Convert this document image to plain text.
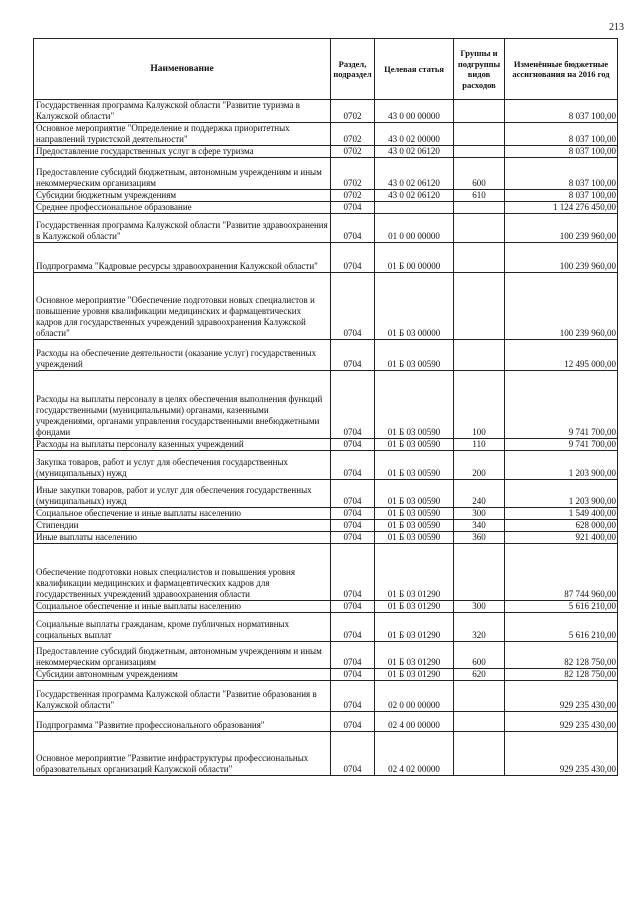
213
Наименование	Раздел, подраздел	Целевая статья	Группы и подгруппы видов расходов	Изменённые бюджетные ассигнования на 2016 год
Государственная программа Калужской области "Развитие туризма в Калужской области"	0702	43 0 00 00000		8 037 100,00
Основное мероприятие "Определение и поддержка приоритетных направлений туристской деятельности"	0702	43 0 02 00000		8 037 100,00
Предоставление государственных услуг в сфере туризма	0702	43 0 02 06120		8 037 100,00
Предоставление субсидий бюджетным, автономным учреждениям и иным некоммерческим организациям	0702	43 0 02 06120	600	8 037 100,00
Субсидии бюджетным учреждениям	0702	43 0 02 06120	610	8 037 100,00
Среднее профессиональное образование	0704			1 124 276 450,00
Государственная программа Калужской области "Развитие здравоохранения в Калужской области"	0704	01 0 00 00000		100 239 960,00
Подпрограмма "Кадровые ресурсы здравоохранения Калужской области"	0704	01 Б 00 00000		100 239 960,00
Основное мероприятие "Обеспечение подготовки новых специалистов и повышение уровня квалификации медицинских и фармацевтических кадров для государственных учреждений здравоохранения Калужской области"	0704	01 Б 03 00000		100 239 960,00
Расходы на обеспечение деятельности (оказание услуг) государственных учреждений	0704	01 Б 03 00590		12 495 000,00
Расходы на выплаты персоналу в целях обеспечения выполнения функций государственными (муниципальными) органами, казенными учреждениями, органами управления государственными внебюджетными фондами	0704	01 Б 03 00590	100	9 741 700,00
Расходы на выплаты персоналу казенных учреждений	0704	01 Б 03 00590	110	9 741 700,00
Закупка товаров, работ и услуг для обеспечения государственных (муниципальных) нужд	0704	01 Б 03 00590	200	1 203 900,00
Иные закупки товаров, работ и услуг для обеспечения государственных (муниципальных) нужд	0704	01 Б 03 00590	240	1 203 900,00
Социальное обеспечение и иные выплаты населению	0704	01 Б 03 00590	300	1 549 400,00
Стипендии	0704	01 Б 03 00590	340	628 000,00
Иные выплаты населению	0704	01 Б 03 00590	360	921 400,00
Обеспечение подготовки новых специалистов и повышения уровня квалификации медицинских и фармацевтических кадров для государственных учреждений здравоохранения области	0704	01 Б 03 01290		87 744 960,00
Социальное обеспечение и иные выплаты населению	0704	01 Б 03 01290	300	5 616 210,00
Социальные выплаты гражданам, кроме публичных нормативных социальных выплат	0704	01 Б 03 01290	320	5 616 210,00
Предоставление субсидий бюджетным, автономным учреждениям и иным некоммерческим организациям	0704	01 Б 03 01290	600	82 128 750,00
Субсидии автономным учреждениям	0704	01 Б 03 01290	620	82 128 750,00
Государственная программа Калужской области "Развитие образования в Калужской области"	0704	02 0 00 00000		929 235 430,00
Подпрограмма "Развитие профессионального образования"	0704	02 4 00 00000		929 235 430,00
Основное мероприятие "Развитие инфраструктуры профессиональных образовательных организаций Калужской области"	0704	02 4 02 00000		929 235 430,00
